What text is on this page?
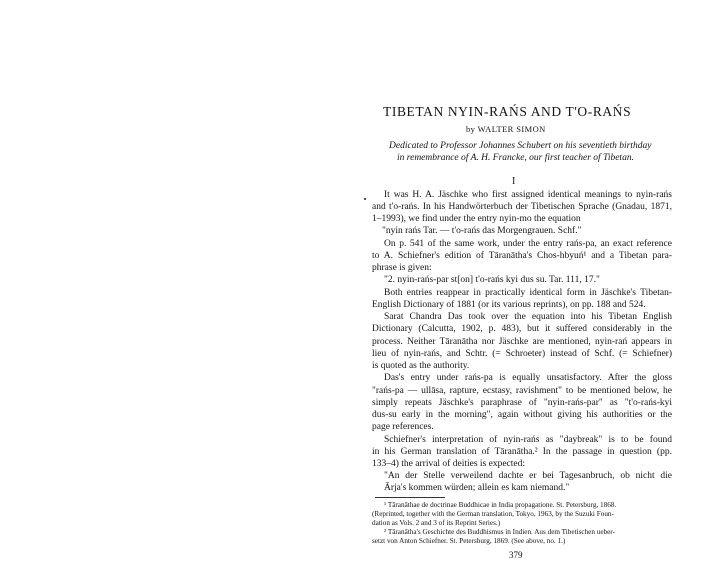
TIBETAN NYIN-RAŃS AND T'O-RAŃS
by WALTER SIMON
Dedicated to Professor Johannes Schubert on his seventieth birthday
in remembrance of A. H. Francke, our first teacher of Tibetan.
I
It was H. A. Jäschke who first assigned identical meanings to nyin-rańs
and t'o-rańs. In his Handwörterbuch der Tibetischen Sprache (Gnadau, 1871,
1–1993), we find under the entry nyin-mo the equation
"nyin rańs Tar. — t'o-rańs das Morgengrauen. Schf."
On p. 541 of the same work, under the entry rańs-pa, an exact reference
to A. Schiefner's edition of Tāranātha's Chos-hbyuń¹ and a Tibetan para-
phrase is given:
"2. nyin-rańs-par st[on] t'o-rańs kyi dus su. Tar. 111, 17."
Both entries reappear in practically identical form in Jäschke's Tibetan-
English Dictionary of 1881 (or its various reprints), on pp. 188 and 524.
Sarat Chandra Das took over the equation into his Tibetan English
Dictionary (Calcutta, 1902, p. 483), but it suffered considerably in the
process. Neither Tāranātha nor Jäschke are mentioned, nyin-rań appears in
lieu of nyin-rańs, and Schtr. (= Schroeter) instead of Schf. (= Schiefner)
is quoted as the authority.
Das's entry under rańs-pa is equally unsatisfactory. After the gloss
"rańs-pa — ullāsa, rapture, ecstasy, ravishment" to be mentioned below, he
simply repeats Jäschke's paraphrase of "nyin-rańs-par" as "t'o-rańs-kyi
dus-su early in the morning", again without giving his authorities or the
page references.
Schiefner's interpretation of nyin-rańs as "daybreak" is to be found
in his German translation of Tāranātha.² In the passage in question (pp.
133–4) the arrival of deities is expected:
"An der Stelle verweilend dachte er bei Tagesanbruch, ob nicht die
Ārja's kommen würden; allein es kam niemand."
¹ Tāranāthae de doctrinae Buddhicae in India propagatione. St. Petersburg, 1868.
(Reprinted, together with the German translation, Tokyo, 1963, by the Suzuki Foun-
dation as Vols. 2 and 3 of its Reprint Series.)
² Tāranātha's Geschichte des Buddhismus in Indien. Aus dem Tibetischen ueber-
setzt von Anton Schiefner. St. Petersburg, 1869. (See above, no. 1.)
379
